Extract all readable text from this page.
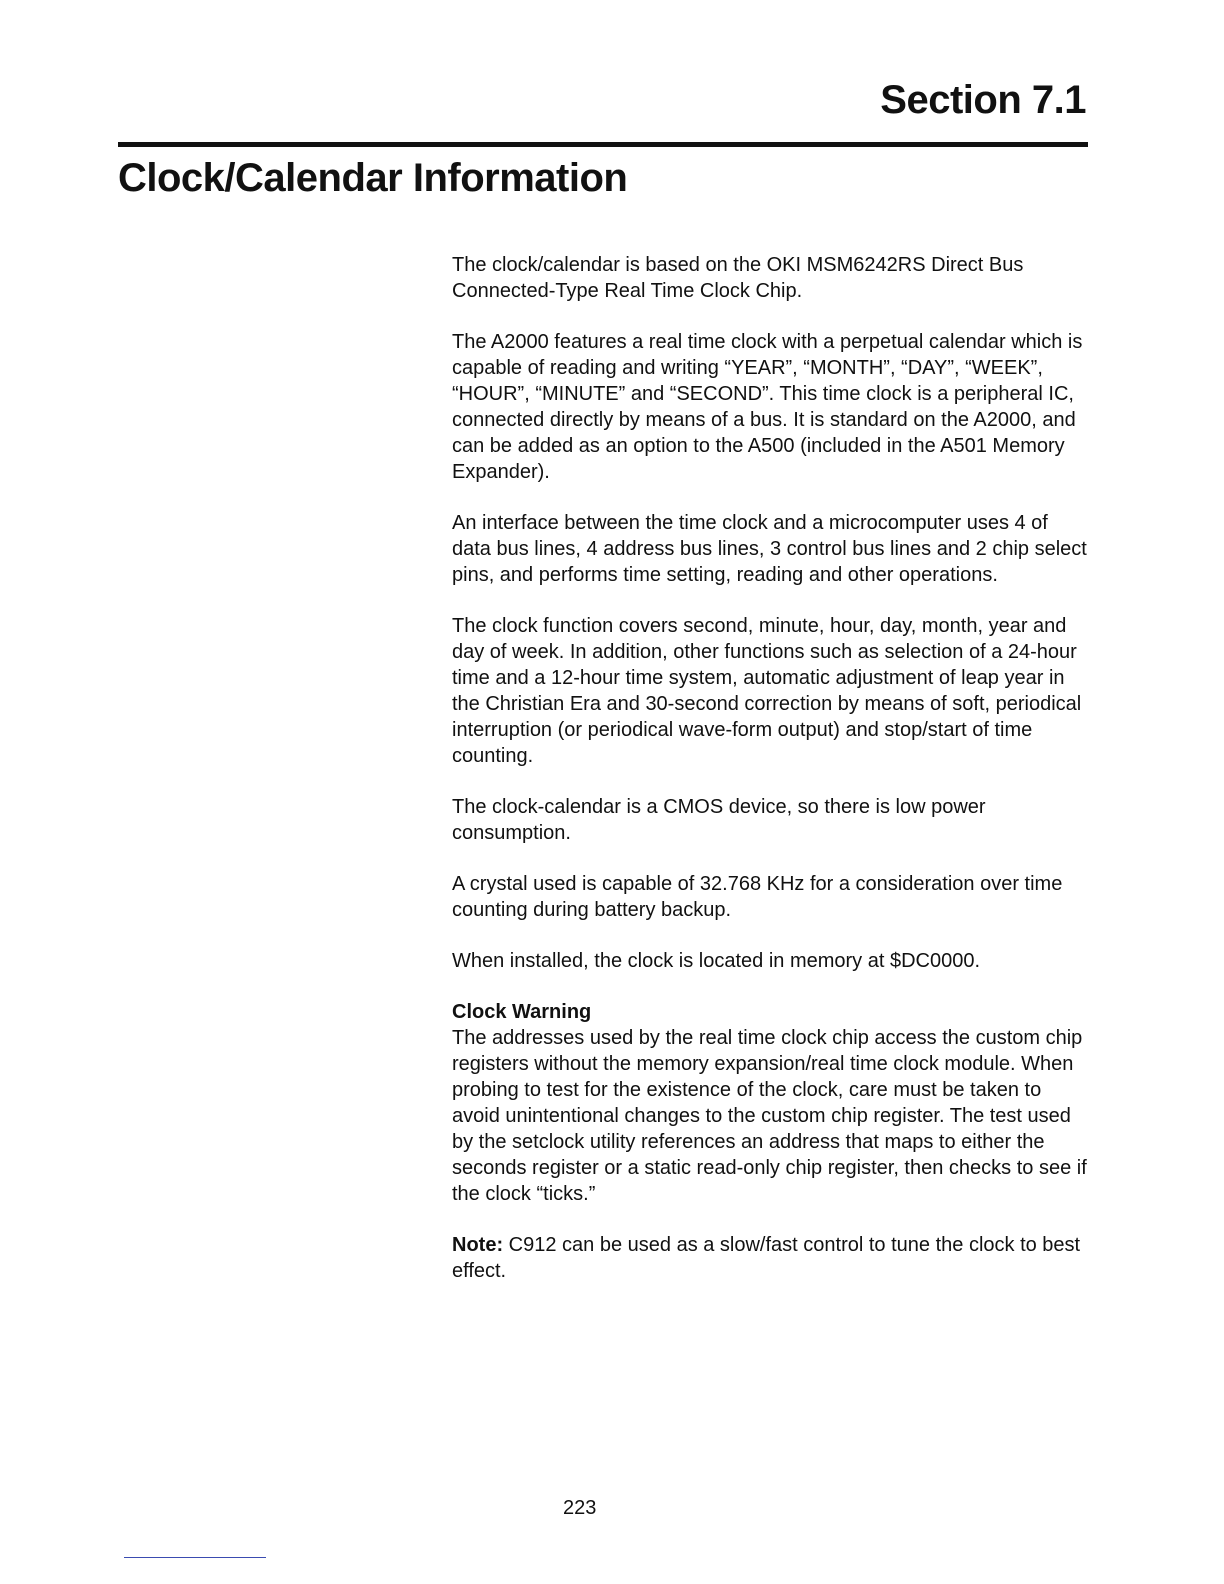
Section 7.1
Clock/Calendar Information

The clock/calendar is based on the OKI MSM6242RS Direct Bus Connected-Type Real Time Clock Chip.

The A2000 features a real time clock with a perpetual calendar which is capable of reading and writing “YEAR”, “MONTH”, “DAY”, “WEEK”, “HOUR”, “MINUTE” and “SECOND”. This time clock is a peripheral IC, connected directly by means of a bus. It is standard on the A2000, and can be added as an option to the A500 (included in the A501 Memory Expander).

An interface between the time clock and a microcomputer uses 4 of data bus lines, 4 address bus lines, 3 control bus lines and 2 chip select pins, and performs time setting, reading and other operations.

The clock function covers second, minute, hour, day, month, year and day of week. In addition, other functions such as selection of a 24-hour time and a 12-hour time system, automatic adjustment of leap year in the Christian Era and 30-second correction by means of soft, periodical interruption (or periodical wave-form output) and stop/start of time counting.

The clock-calendar is a CMOS device, so there is low power consumption.

A crystal used is capable of 32.768 KHz for a consideration over time counting during battery backup.

When installed, the clock is located in memory at $DC0000.

Clock Warning
The addresses used by the real time clock chip access the custom chip registers without the memory expansion/real time clock module. When probing to test for the existence of the clock, care must be taken to avoid unintentional changes to the custom chip register. The test used by the setclock utility references an address that maps to either the seconds register or a static read-only chip register, then checks to see if the clock “ticks.”

Note: C912 can be used as a slow/fast control to tune the clock to best effect.

223
